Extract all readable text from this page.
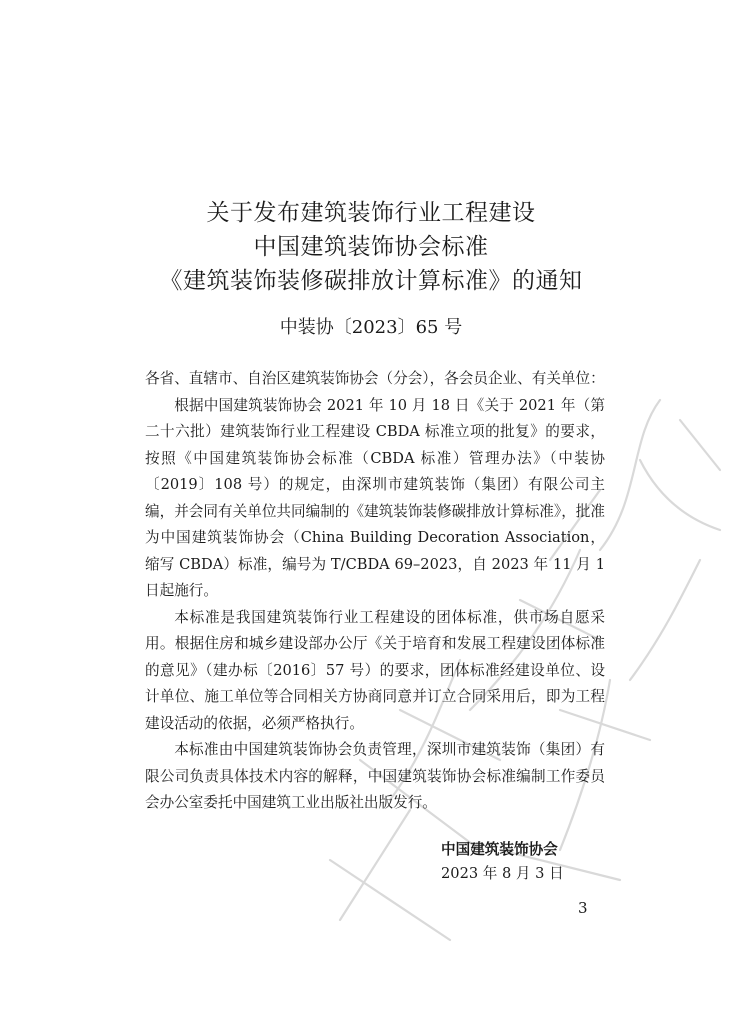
关于发布建筑装饰行业工程建设
中国建筑装饰协会标准
《建筑装饰装修碳排放计算标准》的通知
中装协〔2023〕65 号

各省、直辖市、自治区建筑装饰协会（分会），各会员企业、有关单位：

根据中国建筑装饰协会 2021 年 10 月 18 日《关于 2021 年（第二十六批）建筑装饰行业工程建设 CBDA 标准立项的批复》的要求，按照《中国建筑装饰协会标准（CBDA 标准）管理办法》（中装协〔2019〕108 号）的规定，由深圳市建筑装饰（集团）有限公司主编，并会同有关单位共同编制的《建筑装饰装修碳排放计算标准》，批准为中国建筑装饰协会（China Building Decoration Association，缩写 CBDA）标准，编号为 T/CBDA 69–2023，自 2023 年 11 月 1 日起施行。

本标准是我国建筑装饰行业工程建设的团体标准，供市场自愿采用。根据住房和城乡建设部办公厅《关于培育和发展工程建设团体标准的意见》（建办标〔2016〕57 号）的要求，团体标准经建设单位、设计单位、施工单位等合同相关方协商同意并订立合同采用后，即为工程建设活动的依据，必须严格执行。

本标准由中国建筑装饰协会负责管理，深圳市建筑装饰（集团）有限公司负责具体技术内容的解释，中国建筑装饰协会标准编制工作委员会办公室委托中国建筑工业出版社出版发行。

中国建筑装饰协会
2023 年 8 月 3 日
3
